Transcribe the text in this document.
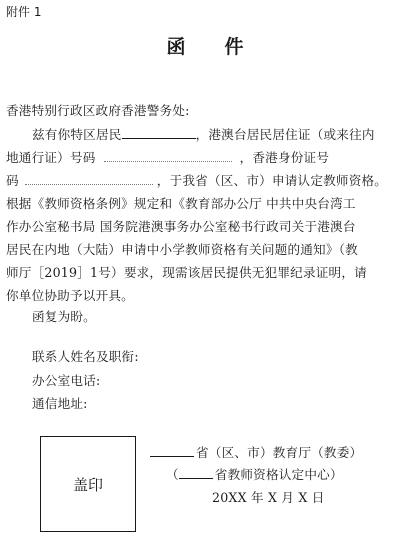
附件 1
函　件
香港特别行政区政府香港警务处:
兹有你特区居民	，港澳台居民居住证（或来往内
地通行证）号码	，香港身份证号
码	，于我省（区、市）申请认定教师资格。
根据《教师资格条例》规定和《教育部办公厅 中共中央台湾工
作办公室秘书局 国务院港澳事务办公室秘书行政司关于港澳台
居民在内地（大陆）申请中小学教师资格有关问题的通知》（教
师厅［2019］1号）要求，现需该居民提供无犯罪纪录证明，请
你单位协助予以开具。
函复为盼。
联系人姓名及职衔:
办公室电话:
通信地址:
盖印
省（区、市）教育厅（教委）
（	省教师资格认定中心）
20XX 年 X 月 X 日
